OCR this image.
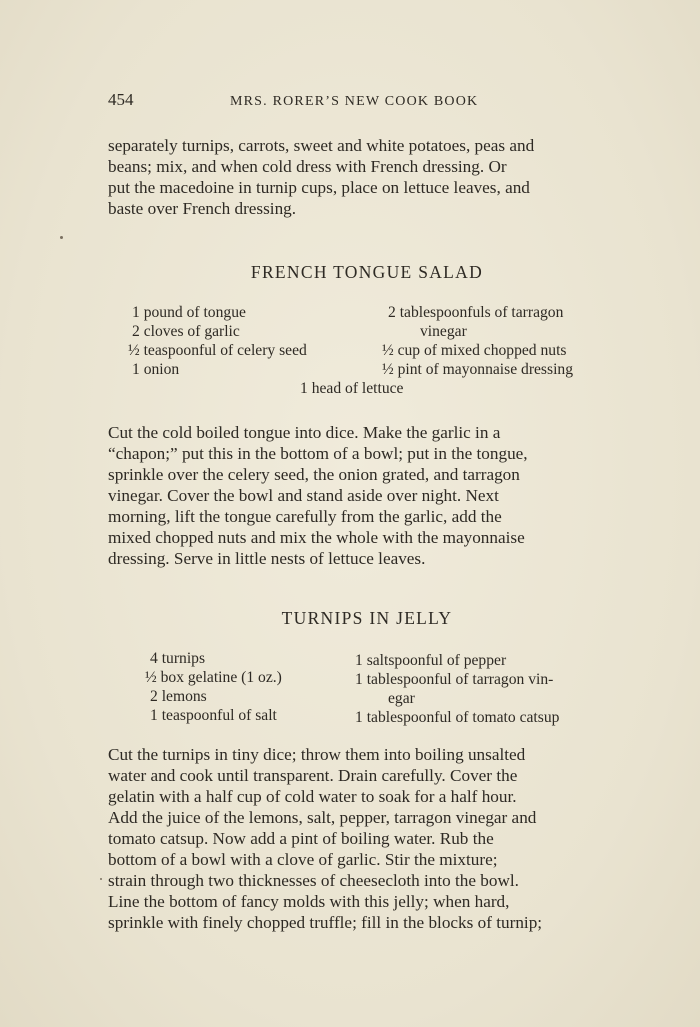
454	MRS. RORER’S NEW COOK BOOK
separately turnips, carrots, sweet and white potatoes, peas and
beans; mix, and when cold dress with French dressing. Or
put the macedoine in turnip cups, place on lettuce leaves, and
baste over French dressing.
FRENCH TONGUE SALAD
1 pound of tongue
2 cloves of garlic
½ teaspoonful of celery seed
1 onion
2 tablespoonfuls of tarragon
vinegar
½ cup of mixed chopped nuts
½ pint of mayonnaise dressing
1 head of lettuce
Cut the cold boiled tongue into dice. Make the garlic in a
“chapon;” put this in the bottom of a bowl; put in the tongue,
sprinkle over the celery seed, the onion grated, and tarragon
vinegar. Cover the bowl and stand aside over night. Next
morning, lift the tongue carefully from the garlic, add the
mixed chopped nuts and mix the whole with the mayonnaise
dressing. Serve in little nests of lettuce leaves.
TURNIPS IN JELLY
4 turnips
½ box gelatine (1 oz.)
2 lemons
1 teaspoonful of salt
1 saltspoonful of pepper
1 tablespoonful of tarragon vin-
egar
1 tablespoonful of tomato catsup
Cut the turnips in tiny dice; throw them into boiling unsalted
water and cook until transparent. Drain carefully. Cover the
gelatin with a half cup of cold water to soak for a half hour.
Add the juice of the lemons, salt, pepper, tarragon vinegar and
tomato catsup. Now add a pint of boiling water. Rub the
bottom of a bowl with a clove of garlic. Stir the mixture;
strain through two thicknesses of cheesecloth into the bowl.
Line the bottom of fancy molds with this jelly; when hard,
sprinkle with finely chopped truffle; fill in the blocks of turnip;
